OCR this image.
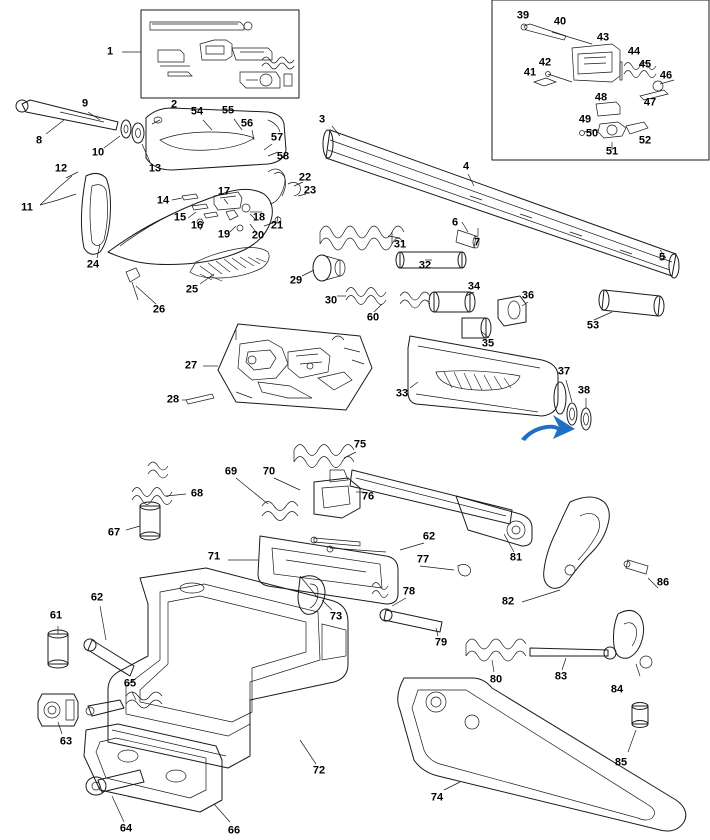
1
2
3
4
5
6
7
8
9
10
11
12	13
14
15
16
17
18
19 20
21
22
23
24
25
26
27
28
29
30
31
32
33
34
35
36
37
38
39 40
41
42
43
44
45
46
47
48
49
50
51
52
53
54 55
56
57
58
60
61
62
63
64
65
66
67
68
69 70
71
72
73
74
75
76
77
78
79
80
81
82
83
84
85
86
62
